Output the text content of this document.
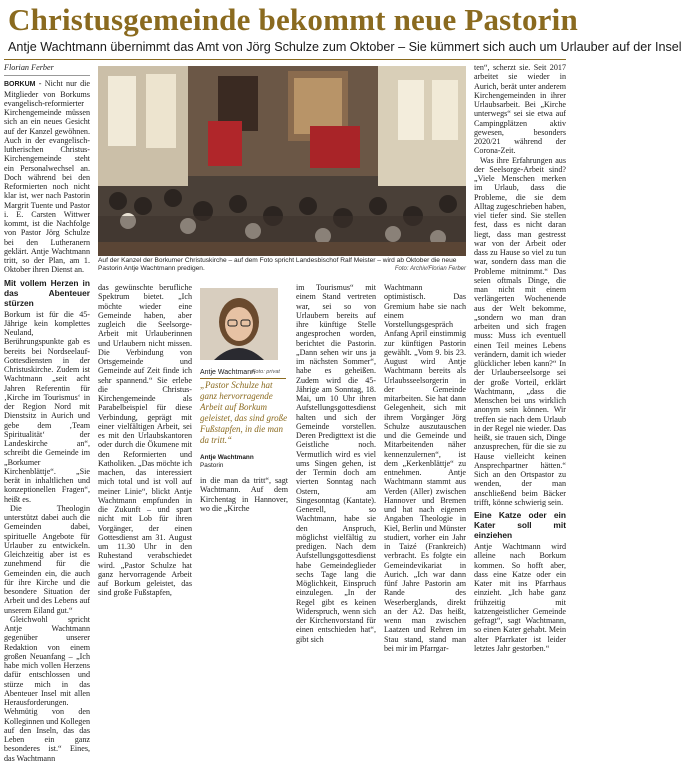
Christusgemeinde bekommt neue Pastorin
Antje Wachtmann übernimmt das Amt von Jörg Schulze zum Oktober – Sie kümmert sich auch um Urlauber auf der Insel
Florian Ferber

BORKUM - Nicht nur die Mitglieder von Borkums evangelisch-reformierter Kirchengemeinde müssen sich an ein neues Gesicht auf der Kanzel gewöhnen. Auch in der evangelisch-lutherischen Christus-Kirchengemeinde steht ein Personalwechsel an. Doch während bei den Reformierten noch nicht klar ist, wer nach Pastorin Margrit Tuente und Pastor i. E. Carsten Wittwer kommt, ist die Nachfolge von Pastor Jörg Schulze bei den Lutheranern geklärt. Antje Wachtmann tritt, so der Plan, am 1. Oktober ihren Dienst an.

Mit vollem Herzen in das Abenteuer stürzen

Borkum ist für die 45-Jährige kein komplettes Neuland, Berührungspunkte gab es bereits bei Nordseelauf-Gottesdiensten in der Christuskirche. Zudem ist Wachtmann „seit acht Jahren Referentin für ‚Kirche im Tourismus‘ in der Region Nord mit Dienstsitz in Aurich und gebe dem ‚Team Spiritualität‘ der Landeskirche an“, schreibt die Gemeinde im „Borkumer Kirchenblättje“. „Sie berät in inhaltlichen und konzeptionellen Fragen“, heißt es.

Die Theologin unterstützt dabei auch die Gemeinden dabei, spirituelle Angebote für Urlauber zu entwickeln. Gleichzeitig aber ist es zunehmend für die Gemeinden ein, die auch für ihre Kirche und die besondere Situation der Arbeit und des Lebens auf unserem Eiland gut.“

Gleichwohl spricht Antje Wachtmann gegenüber unserer Redaktion von einem großen Neuanfang – „Ich habe mich vollen Herzens dafür entschlossen und stürze mich in das Abenteuer Insel mit allen Herausforderungen. Wehmütig von den Kolleginnen und Kollegen auf den Inseln, das das Leben ein ganz besonderes ist.“ Eines, das Wachtmann

Auf der Kanzel der Borkumer Christuskirche – auf dem Foto spricht Landesbischof Ralf Meister – wird ab Oktober die neue Pastorin Antje Wachtmann predigen.	Foto: Archiv/Florian Ferber

das gewünschte berufliche Spektrum bietet. „Ich möchte wieder eine Gemeinde haben, aber zugleich die Seelsorge-Arbeit mit Urlauberinnen und Urlaubern nicht missen. Die Verbindung von Ortsgemeinde und Gemeinde auf Zeit finde ich sehr spannend.“ Sie erlebe die Christus-Kirchengemeinde als Parabelbeispiel für diese Verbindung, geprägt mit einer vielfältigen Arbeit, sei es mit den Urlaubskantoren oder durch die Ökumene mit den Reformierten und Katholiken. „Das möchte ich machen, das interessiert mich total und ist voll auf meiner Linie“, blickt Antje Wachtmann empfunden in die Zukunft – und spart nicht mit Lob für ihren Vorgänger, der einen Gottesdienst am 31. August um 11.30 Uhr in den Ruhestand verabschiedet wird. „Pastor Schulze hat ganz hervorragende Arbeit auf Borkum geleistet, das sind große Fußstapfen,

Antje Wachtmann
Foto: privat
„Pastor Schulze hat ganz hervorragende Arbeit auf Borkum geleistet, das sind große Fußstapfen, in die man da tritt.“
Antje Wachtmann
Pastorin

in die man da tritt“, sagt Wachtmann. Auf dem Kirchentag in Hannover, wo die „Kirche

im Tourismus“ mit einem Stand vertreten war, sei so von Urlaubern bereits auf ihre künftige Stelle angesprochen worden, berichtet die Pastorin. „Dann sehen wir uns ja im nächsten Sommer“, habe es geheißen. Zudem wird die 45-Jährige am Sonntag, 18. Mai, um 10 Uhr ihren Aufstellungsgottesdienst halten und sich der Gemeinde vorstellen. Deren Predigttext ist die Geistliche noch. Vermutlich wird es viel ums Singen gehen, ist der Termin doch am vierten Sonntag nach Ostern, am Singesonntag (Kantate). Generell, so Wachtmann, habe sie den Anspruch, möglichst vielfältig zu predigen. Nach dem Aufstellungsgottesdienst habe Gemeindeglieder sechs Tage lang die Möglichkeit, Einspruch einzulegen. „In der Regel gibt es keinen Widerspruch, wenn sich der Kirchenvorstand für einen entschieden hat“, gibt sich

Wachtmann optimistisch. Das Gremium habe sie nach einem Vorstellungsgespräch Anfang April einstimmig zur künftigen Pastorin gewählt. „Vom 9. bis 23. August wird Antje Wachtmann bereits als Urlaubsseelsorgerin in der Gemeinde mitarbeiten. Sie hat dann Gelegenheit, sich mit ihrem Vorgänger Jörg Schulze auszutauschen und die Gemeinde und Mitarbeitenden näher kennenzulernen“, ist dem „Kerkenblättje“ zu entnehmen. Antje Wachtmann stammt aus Verden (Aller) zwischen Hannover und Bremen und hat nach eigenen Angaben Theologie in Kiel, Berlin und Münster studiert, vorher ein Jahr in Taizé (Frankreich) verbracht. Es folgte ein Gemeindevikariat in Aurich. „Ich war dann fünf Jahre Pastorin am Rande des Weserberglands, direkt an der A2. Das heißt, wenn man zwischen Laatzen und Rehren im Stau stand, stand man bei mir im Pfarrgar-

ten“, scherzt sie. Seit 2017 arbeitet sie wieder in Aurich, berät unter anderem Kirchengemeinden in ihrer Urlaubsarbeit. Bei „Kirche unterwegs“ sei sie etwa auf Campingplätzen aktiv gewesen, besonders 2020/21 während der Corona-Zeit.

Was ihre Erfahrungen aus der Seelsorge-Arbeit sind? „Viele Menschen merken im Urlaub, dass die Probleme, die sie dem Alltag zugeschrieben haben, viel tiefer sind. Sie stellen fest, dass es nicht daran liegt, dass man gestresst war von der Arbeit oder dass zu Hause so viel zu tun war, sondern dass man die Probleme mitnimmt.“ Das seien oftmals Dinge, die man nicht mit einem verlängerten Wochenende aus der Welt bekomme, „sondern wo man dran arbeiten und sich fragen muss: Muss ich eventuell einen Teil meines Lebens verändern, damit ich wieder glücklicher leben kann?“ In der Urlauberseelsorge sei der große Vorteil, erklärt Wachtmann, „dass die Menschen bei uns wirklich anonym sein können. Wir treffen sie nach dem Urlaub in der Regel nie wieder. Das heißt, sie trauen sich, Dinge anzusprechen, für die sie zu Hause vielleicht keinen Ansprechpartner hätten.“ Sich an den Ortspastor zu wenden, der man anschließend beim Bäcker trifft, könne schwierig sein.

Eine Katze oder ein Kater soll mit einziehen

Antje Wachtmann wird alleine nach Borkum kommen. So hofft aber, dass eine Katze oder ein Kater mit ins Pfarrhaus einzieht. „Ich habe ganz frühzeitig mit katzengeistlicher Gemeinde gefragt“, sagt Wachtmann, so einen Kater gehabt. Mein alter Pfarrkater ist leider letztes Jahr gestorben.“
